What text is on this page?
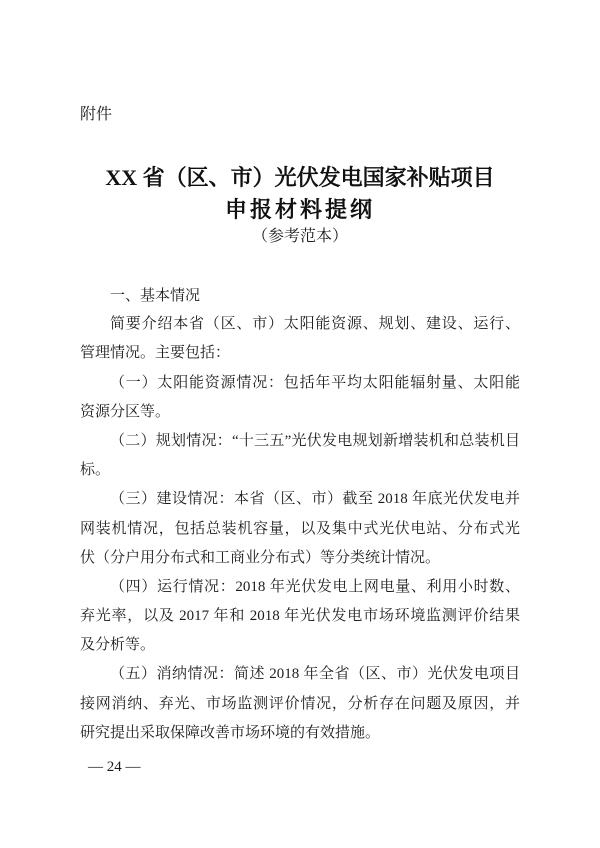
附件
XX 省（区、市）光伏发电国家补贴项目
申报材料提纲
（参考范本）
一、基本情况
简要介绍本省（区、市）太阳能资源、规划、建设、运行、
管理情况。主要包括：
（一）太阳能资源情况：包括年平均太阳能辐射量、太阳能
资源分区等。
（二）规划情况：“十三五”光伏发电规划新增装机和总装机目
标。
（三）建设情况：本省（区、市）截至 2018 年底光伏发电并
网装机情况，包括总装机容量，以及集中式光伏电站、分布式光
伏（分户用分布式和工商业分布式）等分类统计情况。
（四）运行情况：2018 年光伏发电上网电量、利用小时数、
弃光率，以及 2017 年和 2018 年光伏发电市场环境监测评价结果
及分析等。
（五）消纳情况：简述 2018 年全省（区、市）光伏发电项目
接网消纳、弃光、市场监测评价情况，分析存在问题及原因，并
研究提出采取保障改善市场环境的有效措施。
— 24 —
